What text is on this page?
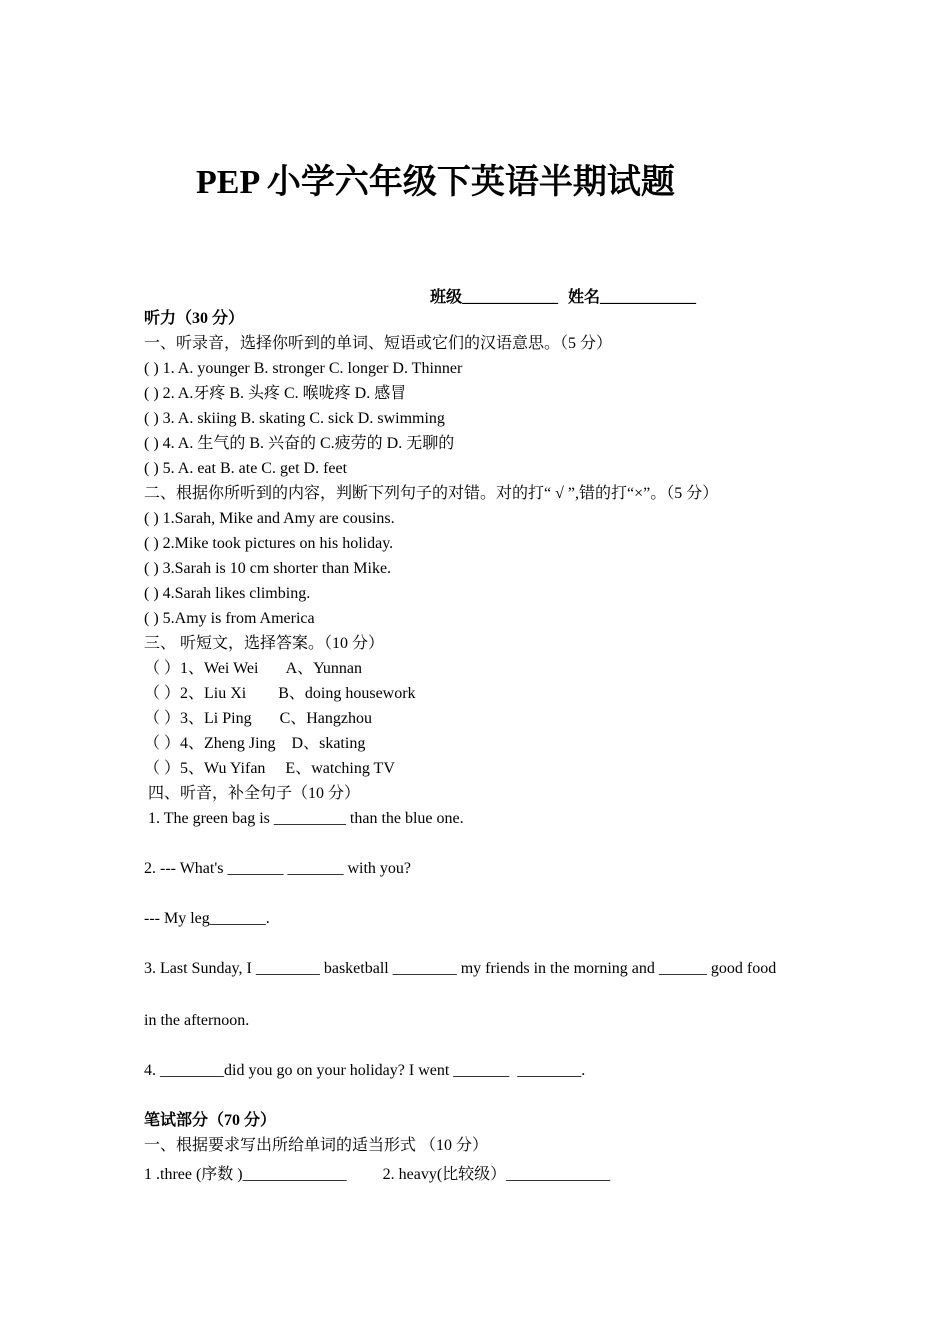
PEP 小学六年级下英语半期试题
班级____________ 姓名____________
听力（30 分）
一、听录音，选择你听到的单词、短语或它们的汉语意思。（5 分）
( ) 1. A. younger B. stronger C. longer D. Thinner
( ) 2. A.牙疼 B. 头疼 C. 喉咙疼 D. 感冒
( ) 3. A. skiing B. skating C. sick D. swimming
( ) 4. A. 生气的 B. 兴奋的 C.疲劳的 D. 无聊的
( ) 5. A. eat B. ate C. get D. feet
二、根据你所听到的内容，判断下列句子的对错。对的打“ √ ”,错的打“×”。（5 分）
( ) 1.Sarah, Mike and Amy are cousins.
( ) 2.Mike took pictures on his holiday.
( ) 3.Sarah is 10 cm shorter than Mike.
( ) 4.Sarah likes climbing.
( ) 5.Amy is from America
三、 听短文，选择答案。（10 分）
（ ）1、Wei Wei       A、Yunnan
（ ）2、Liu Xi        B、doing housework
（ ）3、Li Ping       C、Hangzhou
（ ）4、Zheng Jing    D、skating
（ ）5、Wu Yifan     E、watching TV
四、听音，补全句子（10 分）
1. The green bag is _________ than the blue one.
2. --- What's _______ _______ with you?
--- My leg_______.
3. Last Sunday, I ________ basketball ________ my friends in the morning and ______ good food
in the afternoon.
4. ________did you go on your holiday? I went _______  ________.
笔试部分（70 分）
一、根据要求写出所给单词的适当形式 （10 分）
1 .three (序数 )_____________ 2. heavy(比较级）_____________
